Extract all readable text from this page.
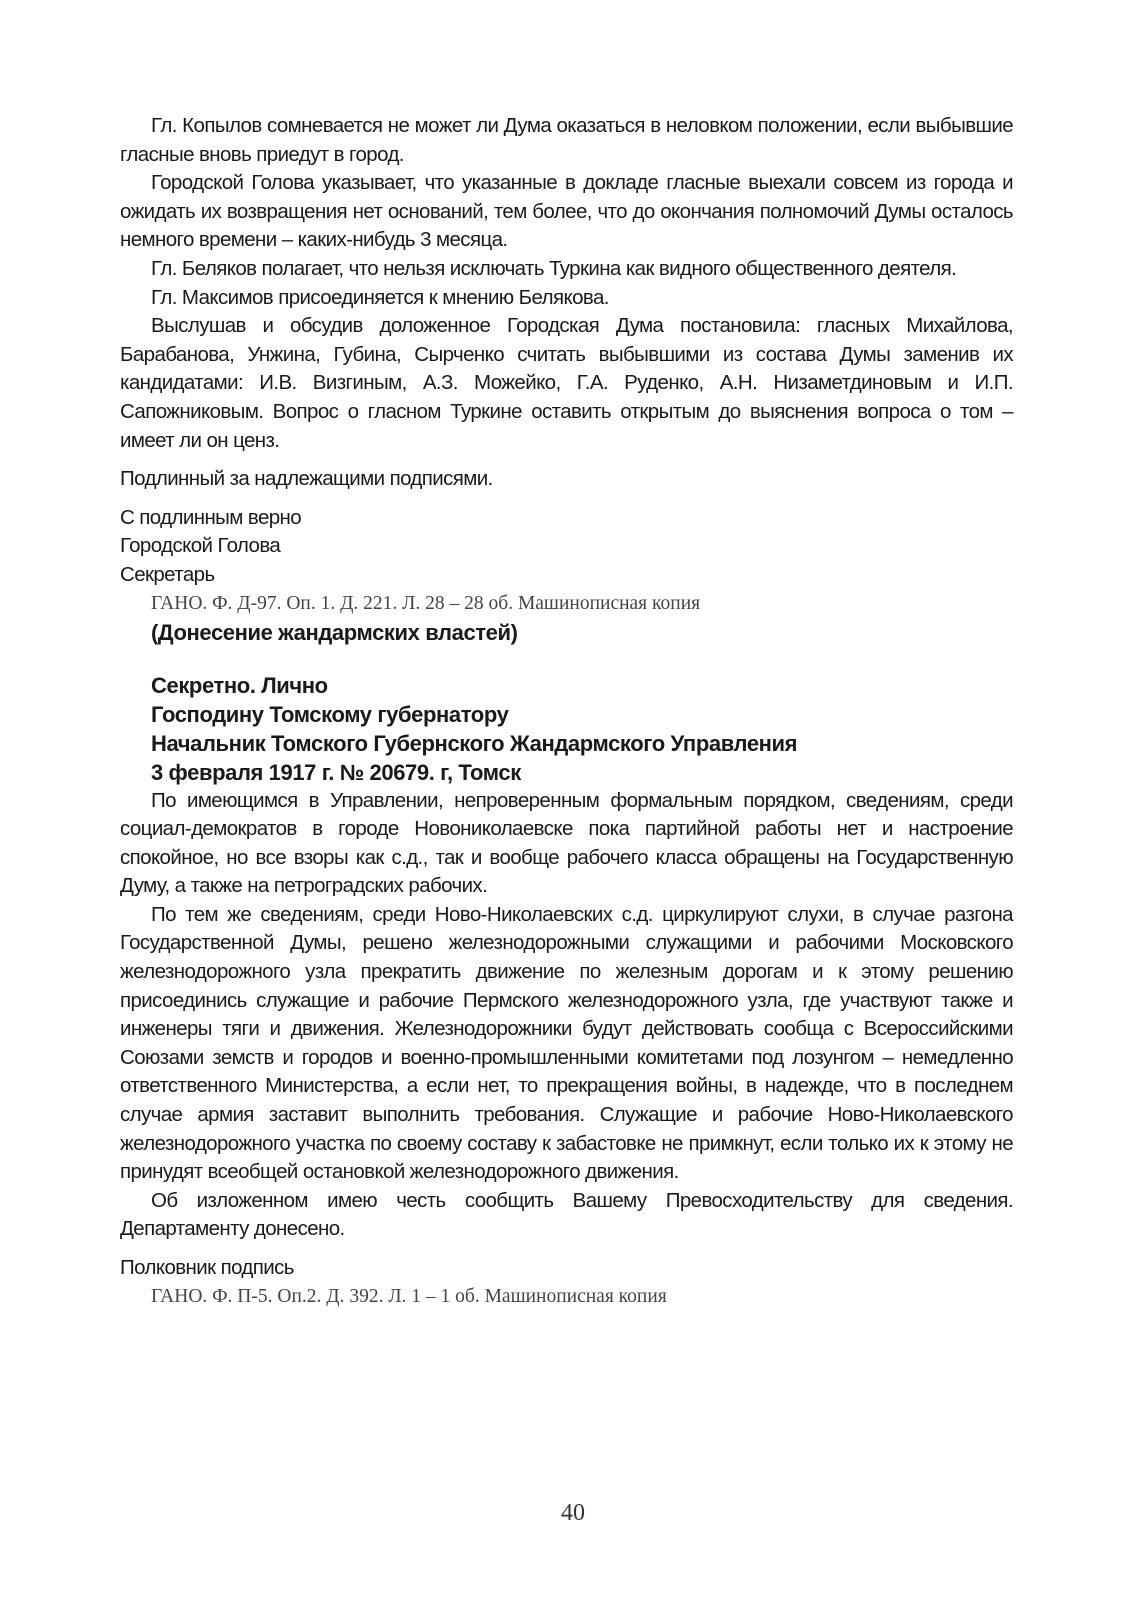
Гл. Копылов сомневается не может ли Дума оказаться в неловком положении, если выбывшие гласные вновь приедут в город.

Городской Голова указывает, что указанные в докладе гласные выехали совсем из города и ожидать их возвращения нет оснований, тем более, что до окончания полномочий Думы осталось немного времени – каких-нибудь 3 месяца.

Гл. Беляков полагает, что нельзя исключать Туркина как видного общественного деятеля.

Гл. Максимов присоединяется к мнению Белякова.

Выслушав и обсудив доложенное Городская Дума постановила: гласных Михайлова, Барабанова, Унжина, Губина, Сырченко считать выбывшими из состава Думы заменив их кандидатами: И.В. Визгиным, А.З. Можейко, Г.А. Руденко, А.Н. Низаметдиновым и И.П. Сапожниковым. Вопрос о гласном Туркине оставить открытым до выяснения вопроса о том – имеет ли он ценз.

Подлинный за надлежащими подписями.

С подлинным верно

Городской Голова

Секретарь

ГАНО. Ф. Д-97. Оп. 1. Д. 221. Л. 28 – 28 об. Машинописная копия

(Донесение жандармских властей)

Секретно. Лично

Господину Томскому губернатору

Начальник Томского Губернского Жандармского Управления

3 февраля 1917 г. № 20679. г, Томск

По имеющимся в Управлении, непроверенным формальным порядком, сведениям, среди социал-демократов в городе Новониколаевске пока партийной работы нет и настроение спокойное, но все взоры как с.д., так и вообще рабочего класса обращены на Государственную Думу, а также на петроградских рабочих.

По тем же сведениям, среди Ново-Николаевских с.д. циркулируют слухи, в случае разгона Государственной Думы, решено железнодорожными служащими и рабочими Московского железнодорожного узла прекратить движение по железным дорогам и к этому решению присоединись служащие и рабочие Пермского железнодорожного узла, где участвуют также и инженеры тяги и движения. Железнодорожники будут действовать сообща с Всероссийскими Союзами земств и городов и военно-промышленными комитетами под лозунгом – немедленно ответственного Министерства, а если нет, то прекращения войны, в надежде, что в последнем случае армия заставит выполнить требования. Служащие и рабочие Ново-Николаевского железнодорожного участка по своему составу к забастовке не примкнут, если только их к этому не принудят всеобщей остановкой железнодорожного движения.

Об изложенном имею честь сообщить Вашему Превосходительству для сведения. Департаменту донесено.

Полковник подпись

ГАНО. Ф. П-5. Оп.2. Д. 392. Л. 1 – 1 об. Машинописная копия

40
